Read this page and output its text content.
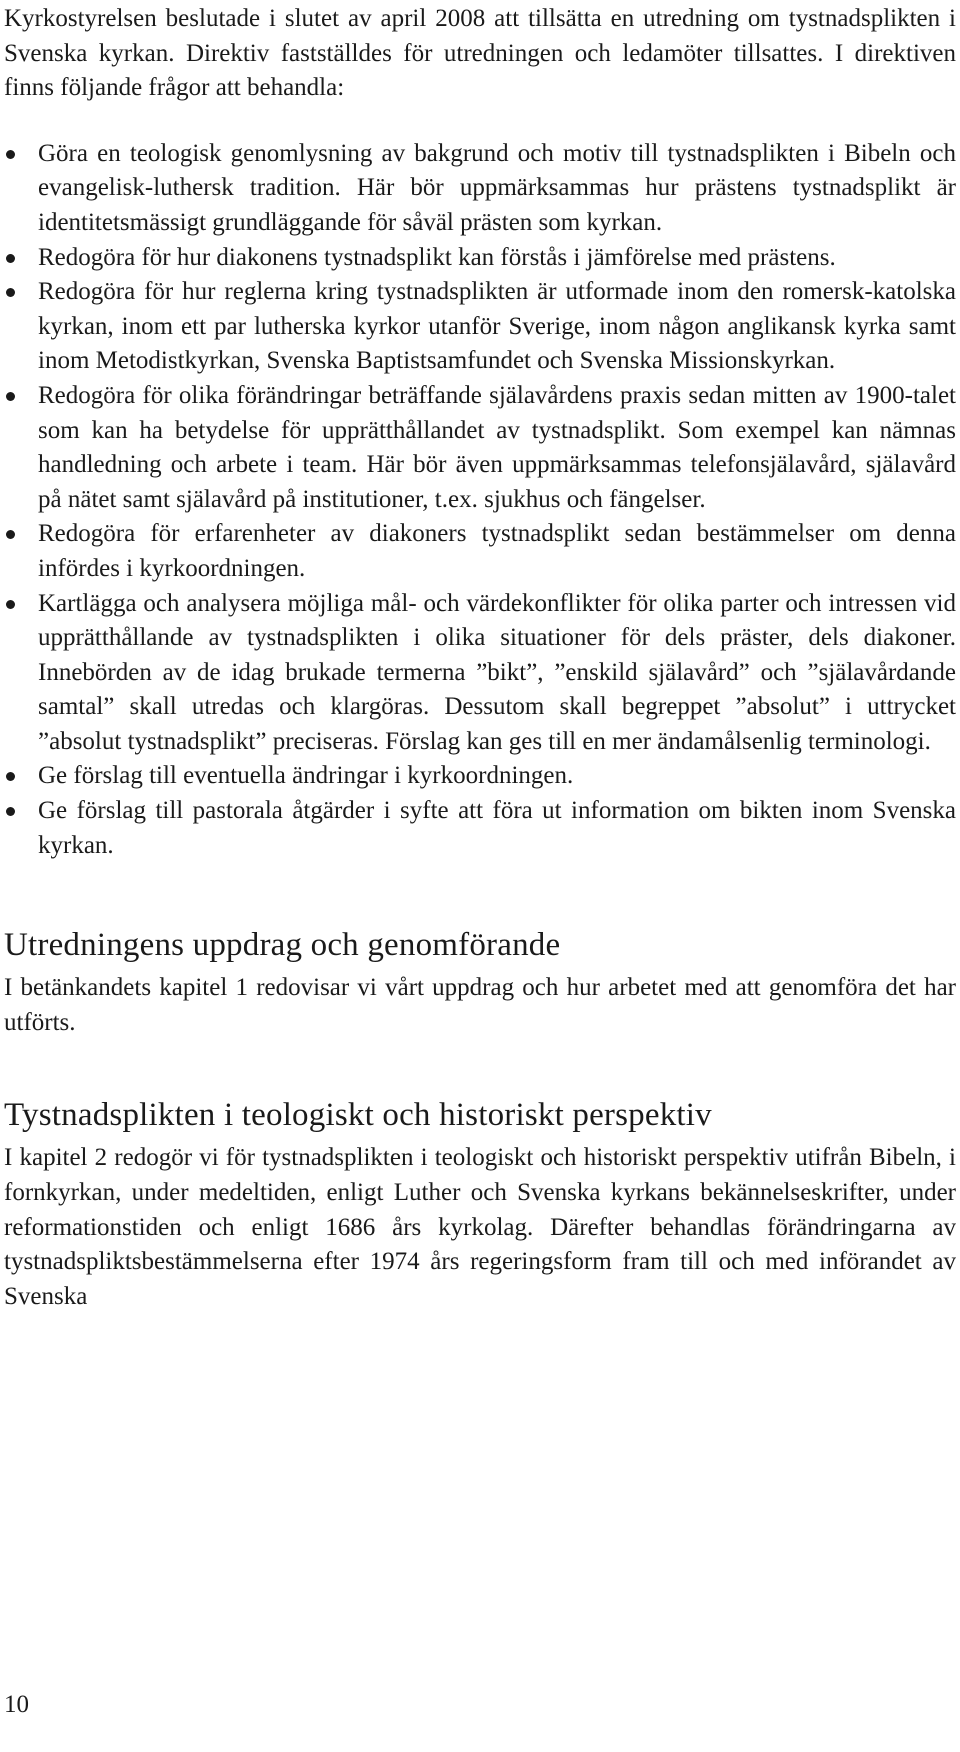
Kyrkostyrelsen beslutade i slutet av april 2008 att tillsätta en utredning om tystnadsplikten i Svenska kyrkan. Direktiv fastställdes för utredningen och ledamöter tillsattes. I direktiven finns följande frågor att behandla:

Göra en teologisk genomlysning av bakgrund och motiv till tystnadsplikten i Bibeln och evangelisk-luthersk tradition. Här bör uppmärksammas hur prästens tystnadsplikt är identitetsmässigt grundläggande för såväl prästen som kyrkan.
Redogöra för hur diakonens tystnadsplikt kan förstås i jämförelse med prästens.
Redogöra för hur reglerna kring tystnadsplikten är utformade inom den romersk-katolska kyrkan, inom ett par lutherska kyrkor utanför Sverige, inom någon anglikansk kyrka samt inom Metodistkyrkan, Svenska Baptistsamfundet och Svenska Missionskyrkan.
Redogöra för olika förändringar beträffande själavårdens praxis sedan mitten av 1900-talet som kan ha betydelse för upprätthållandet av tystnadsplikt. Som exempel kan nämnas handledning och arbete i team. Här bör även uppmärksammas telefonsjälavård, själavård på nätet samt själavård på institutioner, t.ex. sjukhus och fängelser.
Redogöra för erfarenheter av diakoners tystnadsplikt sedan bestämmelser om denna infördes i kyrkoordningen.
Kartlägga och analysera möjliga mål- och värdekonflikter för olika parter och intressen vid upprätthållande av tystnadsplikten i olika situationer för dels präster, dels diakoner. Innebörden av de idag brukade termerna ”bikt”, ”enskild själavård” och ”själavårdande samtal” skall utredas och klargöras. Dessutom skall begreppet ”absolut” i uttrycket ”absolut tystnadsplikt” preciseras. Förslag kan ges till en mer ändamålsenlig terminologi.
Ge förslag till eventuella ändringar i kyrkoordningen.
Ge förslag till pastorala åtgärder i syfte att föra ut information om bikten inom Svenska kyrkan.
Utredningens uppdrag och genomförande

I betänkandets kapitel 1 redovisar vi vårt uppdrag och hur arbetet med att genomföra det har utförts.

Tystnadsplikten i teologiskt och historiskt perspektiv

I kapitel 2 redogör vi för tystnadsplikten i teologiskt och historiskt perspektiv utifrån Bibeln, i fornkyrkan, under medeltiden, enligt Luther och Svenska kyrkans bekännelseskrifter, under reformationstiden och enligt 1686 års kyrkolag. Därefter behandlas förändringarna av tystnadspliktsbestämmelserna efter 1974 års regeringsform fram till och med införandet av Svenska

10
